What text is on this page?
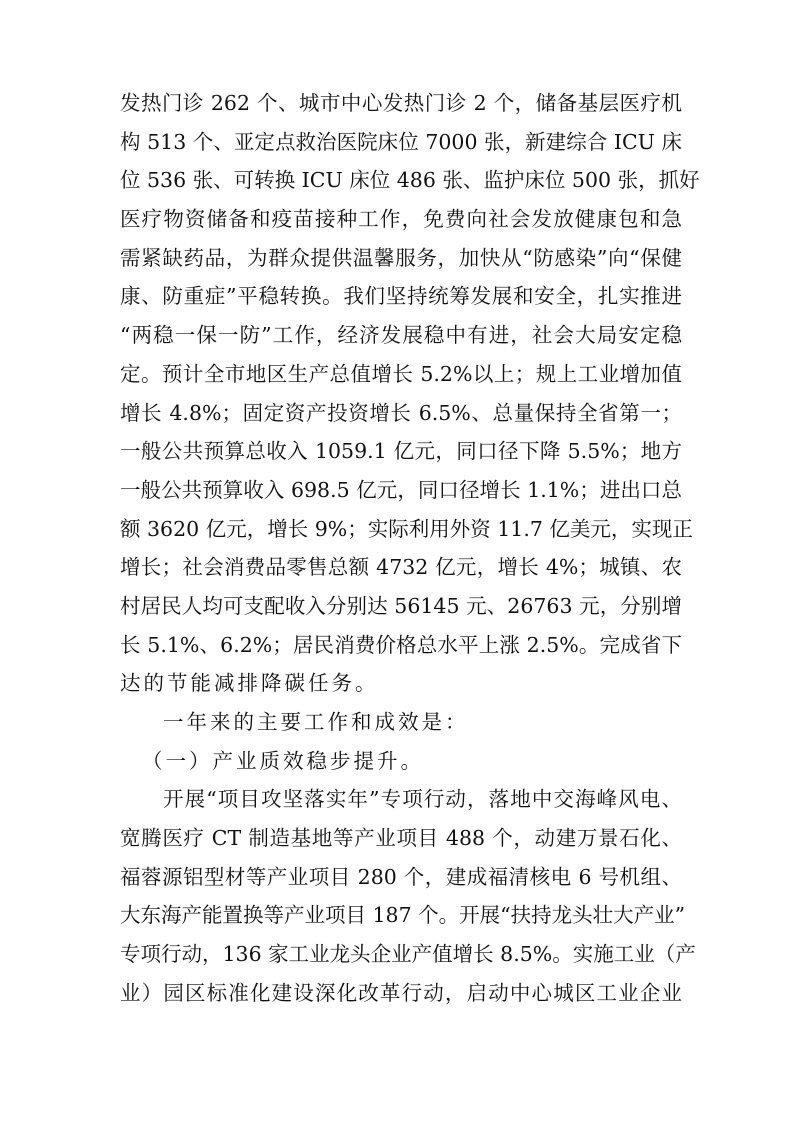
发热门诊 262 个、城市中心发热门诊 2 个，储备基层医疗机
构 513 个、亚定点救治医院床位 7000 张，新建综合 ICU 床
位 536 张、可转换 ICU 床位 486 张、监护床位 500 张，抓好
医疗物资储备和疫苗接种工作，免费向社会发放健康包和急
需紧缺药品，为群众提供温馨服务，加快从“防感染”向“保健
康、防重症”平稳转换。我们坚持统筹发展和安全，扎实推进
“两稳一保一防”工作，经济发展稳中有进，社会大局安定稳
定。预计全市地区生产总值增长 5.2%以上；规上工业增加值
增长 4.8%；固定资产投资增长 6.5%、总量保持全省第一；
一般公共预算总收入 1059.1 亿元，同口径下降 5.5%；地方
一般公共预算收入 698.5 亿元，同口径增长 1.1%；进出口总
额 3620 亿元，增长 9%；实际利用外资 11.7 亿美元，实现正
增长；社会消费品零售总额 4732 亿元，增长 4%；城镇、农
村居民人均可支配收入分别达 56145 元、26763 元，分别增
长 5.1%、6.2%；居民消费价格总水平上涨 2.5%。完成省下
达的节能减排降碳任务。
一年来的主要工作和成效是：
（一）产业质效稳步提升。
开展“项目攻坚落实年”专项行动，落地中交海峰风电、
宽腾医疗 CT 制造基地等产业项目 488 个，动建万景石化、
福蓉源铝型材等产业项目 280 个，建成福清核电 6 号机组、
大东海产能置换等产业项目 187 个。开展“扶持龙头壮大产业”
专项行动，136 家工业龙头企业产值增长 8.5%。实施工业（产
业）园区标准化建设深化改革行动，启动中心城区工业企业
